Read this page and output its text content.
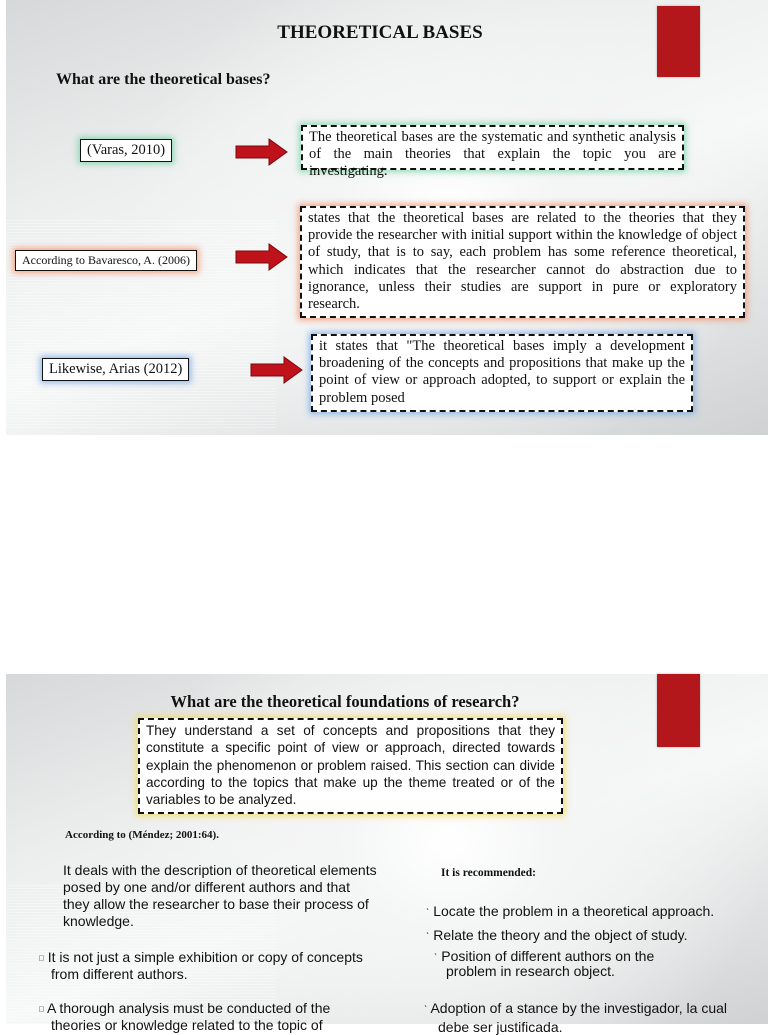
THEORETICAL BASES
What are the theoretical bases?
(Varas, 2010)
The theoretical bases are the systematic and synthetic analysis of the main theories that explain the topic you are investigating.
According to Bavaresco, A. (2006)
states that the theoretical bases are related to the theories that they provide the researcher with initial support within the knowledge of object of study, that is to say, each problem has some reference theoretical, which indicates that the researcher cannot do abstraction due to ignorance, unless their studies are support in pure or exploratory research.
Likewise, Arias (2012)
it states that "The theoretical bases imply a development broadening of the concepts and propositions that make up the point of view or approach adopted, to support or explain the problem posed
What are the theoretical foundations of research?
They understand a set of concepts and propositions that they constitute a specific point of view or approach, directed towards explain the phenomenon or problem raised. This section can divide according to the topics that make up the theme treated or of the variables to be analyzed.
According to (Méndez; 2001:64).
It deals with the description of theoretical elements posed by one and/or different authors and that they allow the researcher to base their process of knowledge.
□ It is not just a simple exhibition or copy of concepts from different authors.
□ A thorough analysis must be conducted of the theories or knowledge related to the topic of
It is recommended:
ˋ Locate the problem in a theoretical approach.
ˋ Relate the theory and the object of study.
ˋ Position of different authors on the problem in research object.
ˋ Adoption of a stance by the investigador, la cual debe ser justificada.
